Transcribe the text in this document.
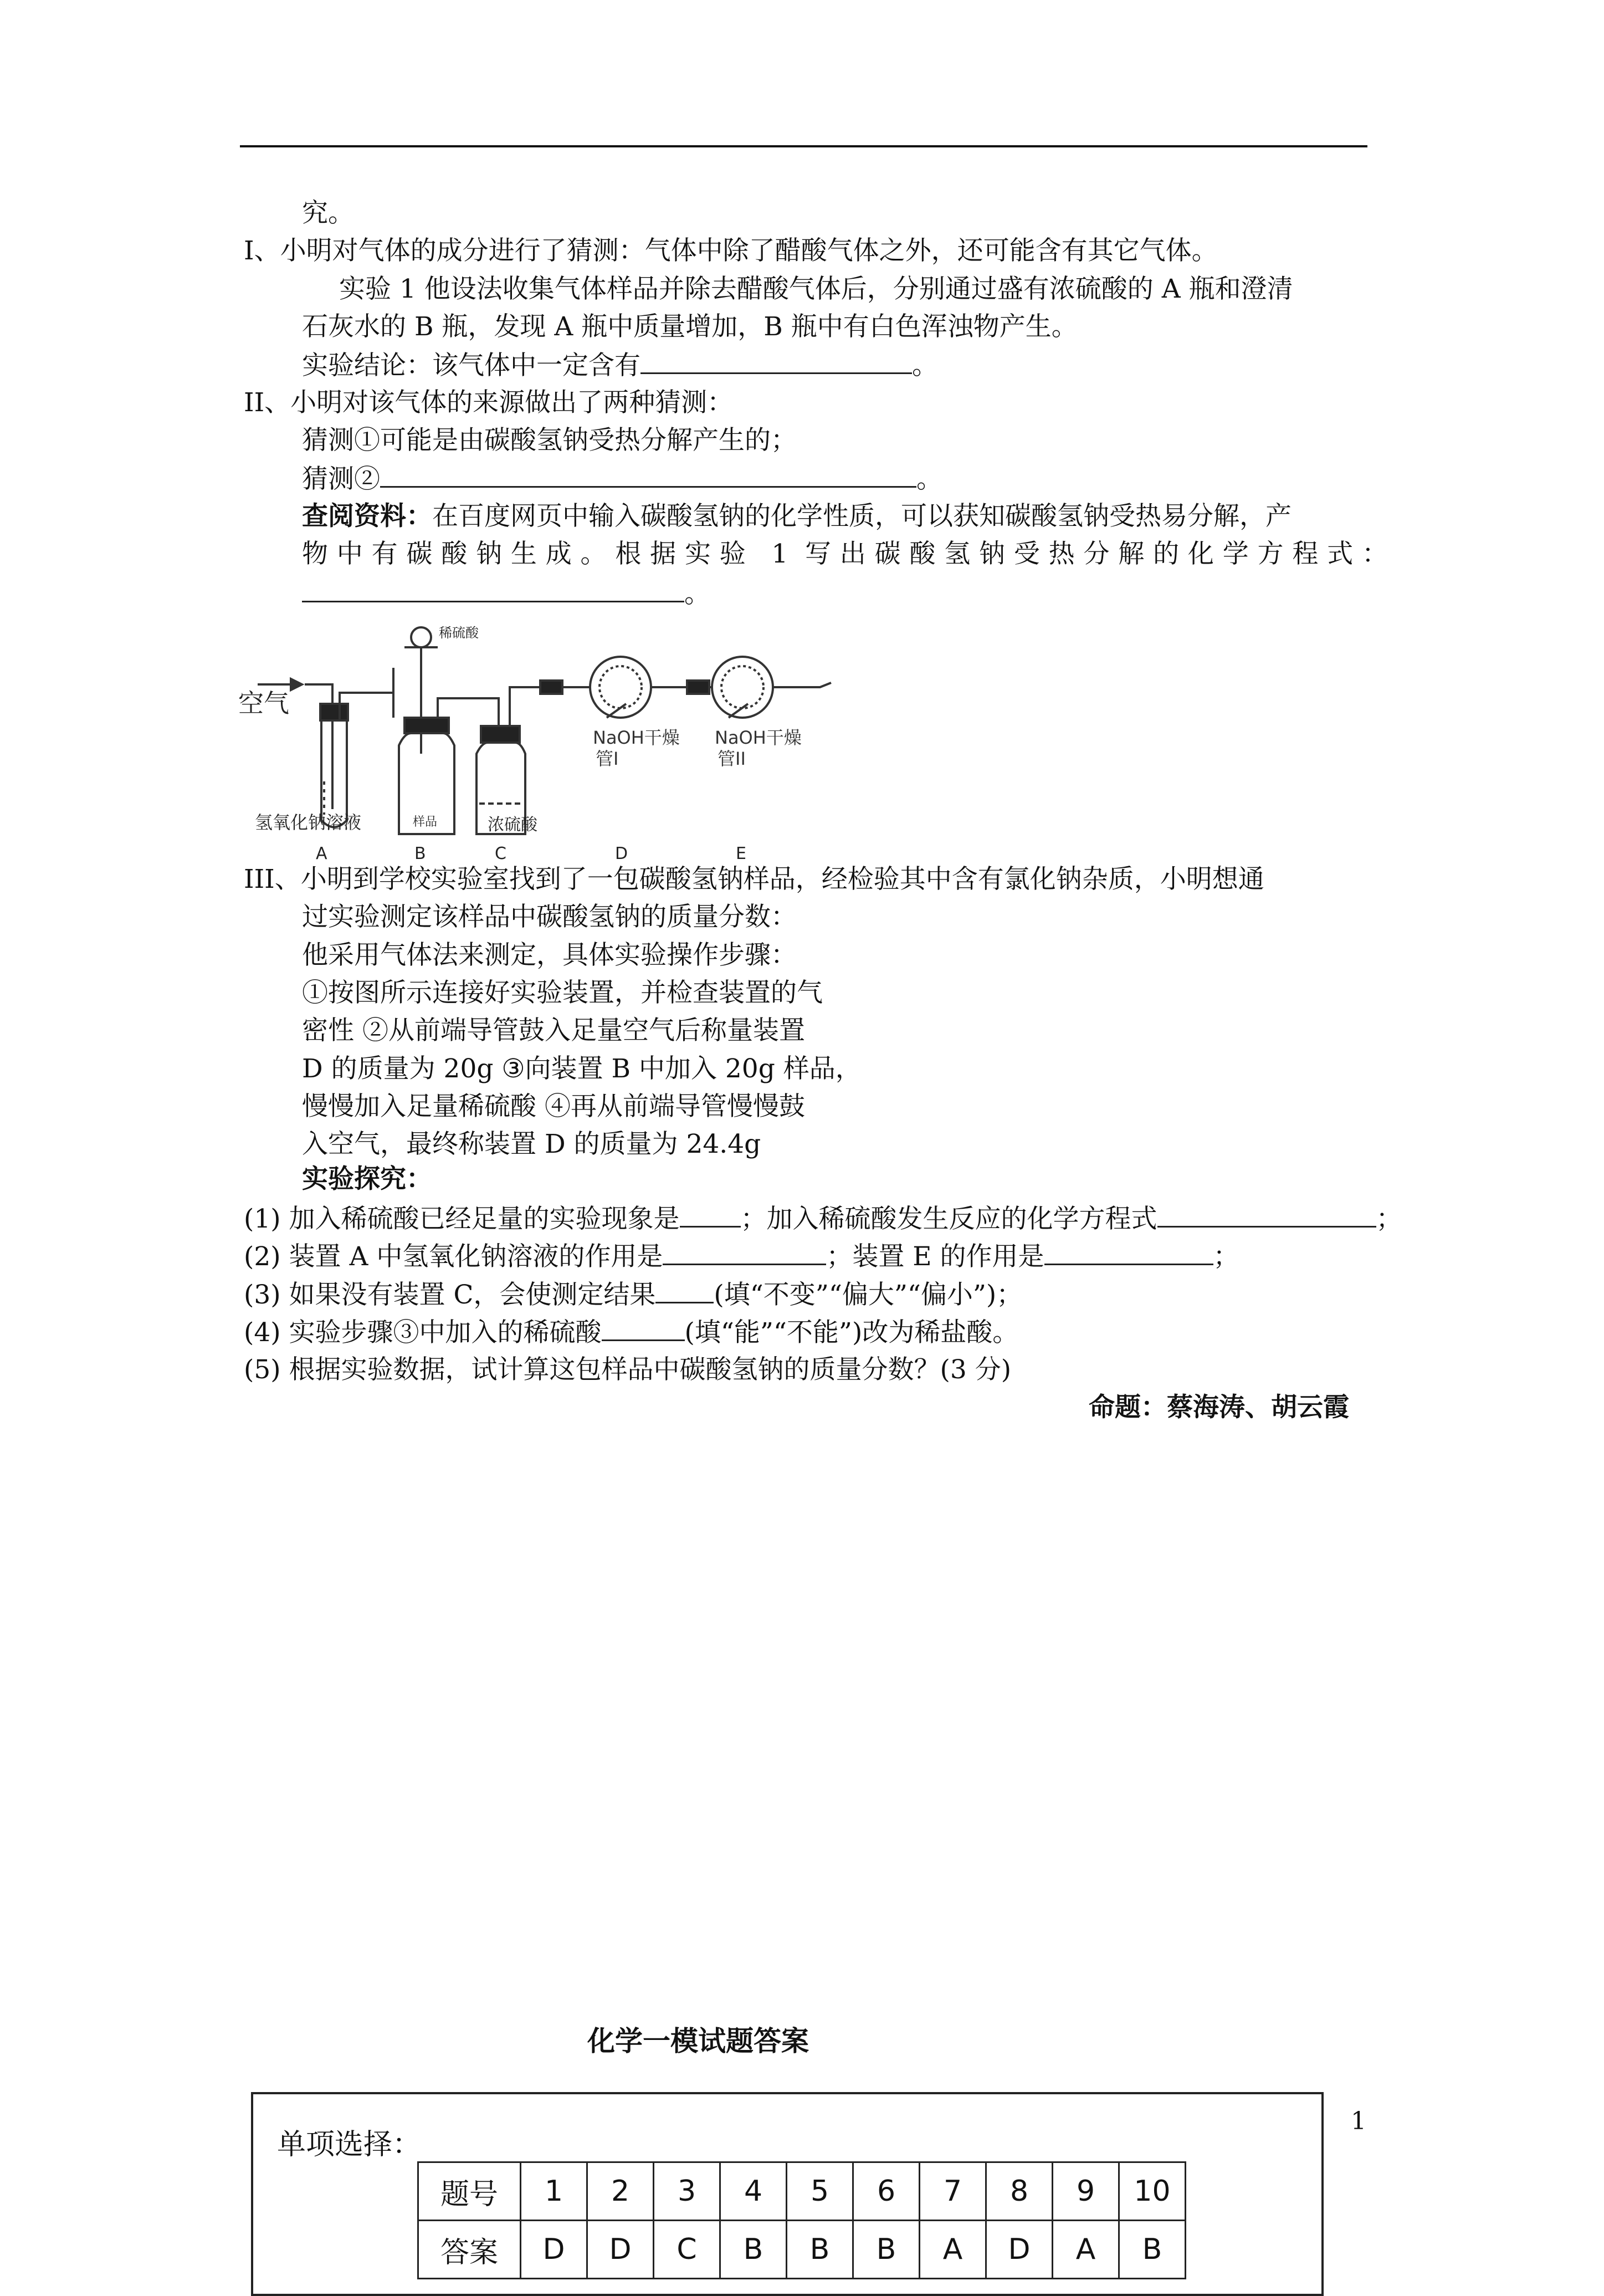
究。
I、小明对气体的成分进行了猜测：气体中除了醋酸气体之外，还可能含有其它气体。
实验 1 他设法收集气体样品并除去醋酸气体后，分别通过盛有浓硫酸的 A 瓶和澄清
石灰水的 B 瓶，发现 A 瓶中质量增加，B 瓶中有白色浑浊物产生。
实验结论：该气体中一定含有	。
II、小明对该气体的来源做出了两种猜测：
猜测①可能是由碳酸氢钠受热分解产生的；
猜测②	。
查阅资料：在百度网页中输入碳酸氢钠的化学性质，可以获知碳酸氢钠受热易分解，产
物中有碳酸钠生成。根据实验 1 写出碳酸氢钠受热分解的化学方程式：
。
空气
稀硫酸
氢氧化钠溶液	样品	浓硫酸
NaOH干燥
管I
NaOH干燥
管II
A	B	C	D	E
III、小明到学校实验室找到了一包碳酸氢钠样品，经检验其中含有氯化钠杂质，小明想通
过实验测定该样品中碳酸氢钠的质量分数：
他采用气体法来测定，具体实验操作步骤：
①按图所示连接好实验装置，并检查装置的气
密性 ②从前端导管鼓入足量空气后称量装置
D 的质量为 20g ③向装置 B 中加入 20g 样品，
慢慢加入足量稀硫酸 ④再从前端导管慢慢鼓
入空气，最终称装置 D 的质量为 24.4g
实验探究：
(1) 加入稀硫酸已经足量的实验现象是 ；加入稀硫酸发生反应的化学方程式	；
(2) 装置 A 中氢氧化钠溶液的作用是	；装置 E 的作用是	；
(3) 如果没有装置 C，会使测定结果 (填“不变”“偏大”“偏小”)；
(4) 实验步骤③中加入的稀硫酸	(填“能”“不能”)改为稀盐酸。
(5) 根据实验数据，试计算这包样品中碳酸氢钠的质量分数？(3 分)
命题：蔡海涛、胡云霞
化学一模试题答案
1
单项选择：
题号	1	2	3	4	5	6	7	8	9	10
答案	D	D	C	B	B	B	A	D	A	B
